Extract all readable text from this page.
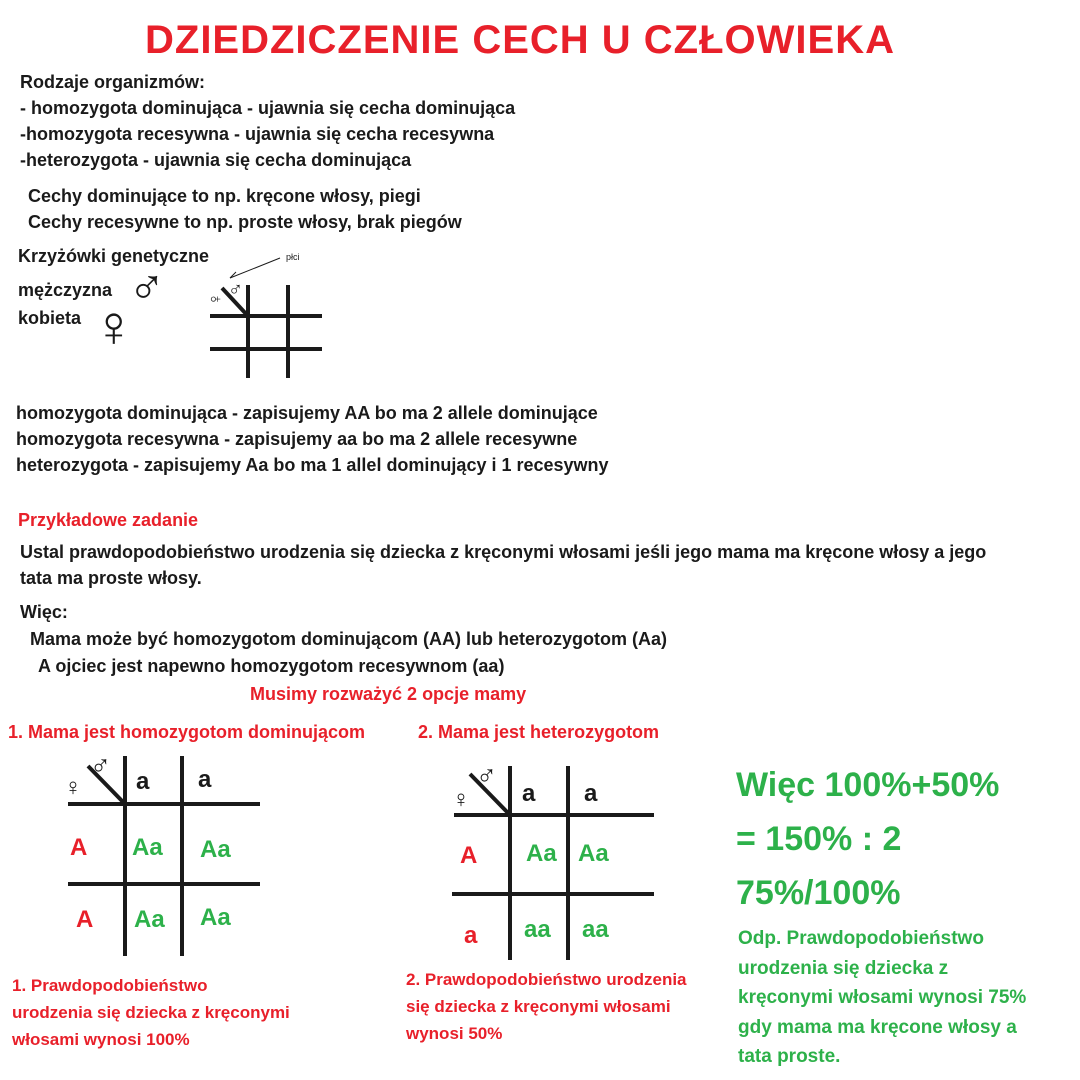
DZIEDZICZENIE CECH U CZŁOWIEKA
Rodzaje organizmów:
- homozygota dominująca - ujawnia się cecha dominująca
-homozygota recesywna - ujawnia się cecha recesywna
-heterozygota - ujawnia się cecha dominująca
Cechy dominujące to np. kręcone włosy, piegi
Cechy recesywne to np. proste włosy, brak piegów
Krzyżówki genetyczne
mężczyzna
kobieta
♂
♀
płci
♂
♀
homozygota dominująca - zapisujemy AA bo ma 2 allele dominujące
homozygota recesywna - zapisujemy aa bo ma 2 allele recesywne
heterozygota - zapisujemy Aa bo ma 1 allel dominujący i 1 recesywny
Przykładowe zadanie
Ustal prawdopodobieństwo urodzenia się dziecka z kręconymi włosami jeśli jego mama ma kręcone włosy a jego
tata ma proste włosy.
Więc:
Mama może być homozygotom dominującom (AA) lub heterozygotom (Aa)
A ojciec jest napewno homozygotom recesywnom (aa)
Musimy rozważyć 2 opcje mamy
1. Mama jest homozygotom dominującom	2. Mama jest heterozygotom
♂
♀ a a
A
A
Aa Aa
Aa Aa
♂
♀ a a
A
a
Aa Aa
aa aa
1. Prawdopodobieństwo
urodzenia się dziecka z kręconymi
włosami wynosi 100%
2. Prawdopodobieństwo urodzenia
się dziecka z kręconymi włosami
wynosi 50%
Więc 100%+50%
= 150% : 2
75%/100%
Odp. Prawdopodobieństwo
urodzenia się dziecka z
kręconymi włosami wynosi 75%
gdy mama ma kręcone włosy a
tata proste.
